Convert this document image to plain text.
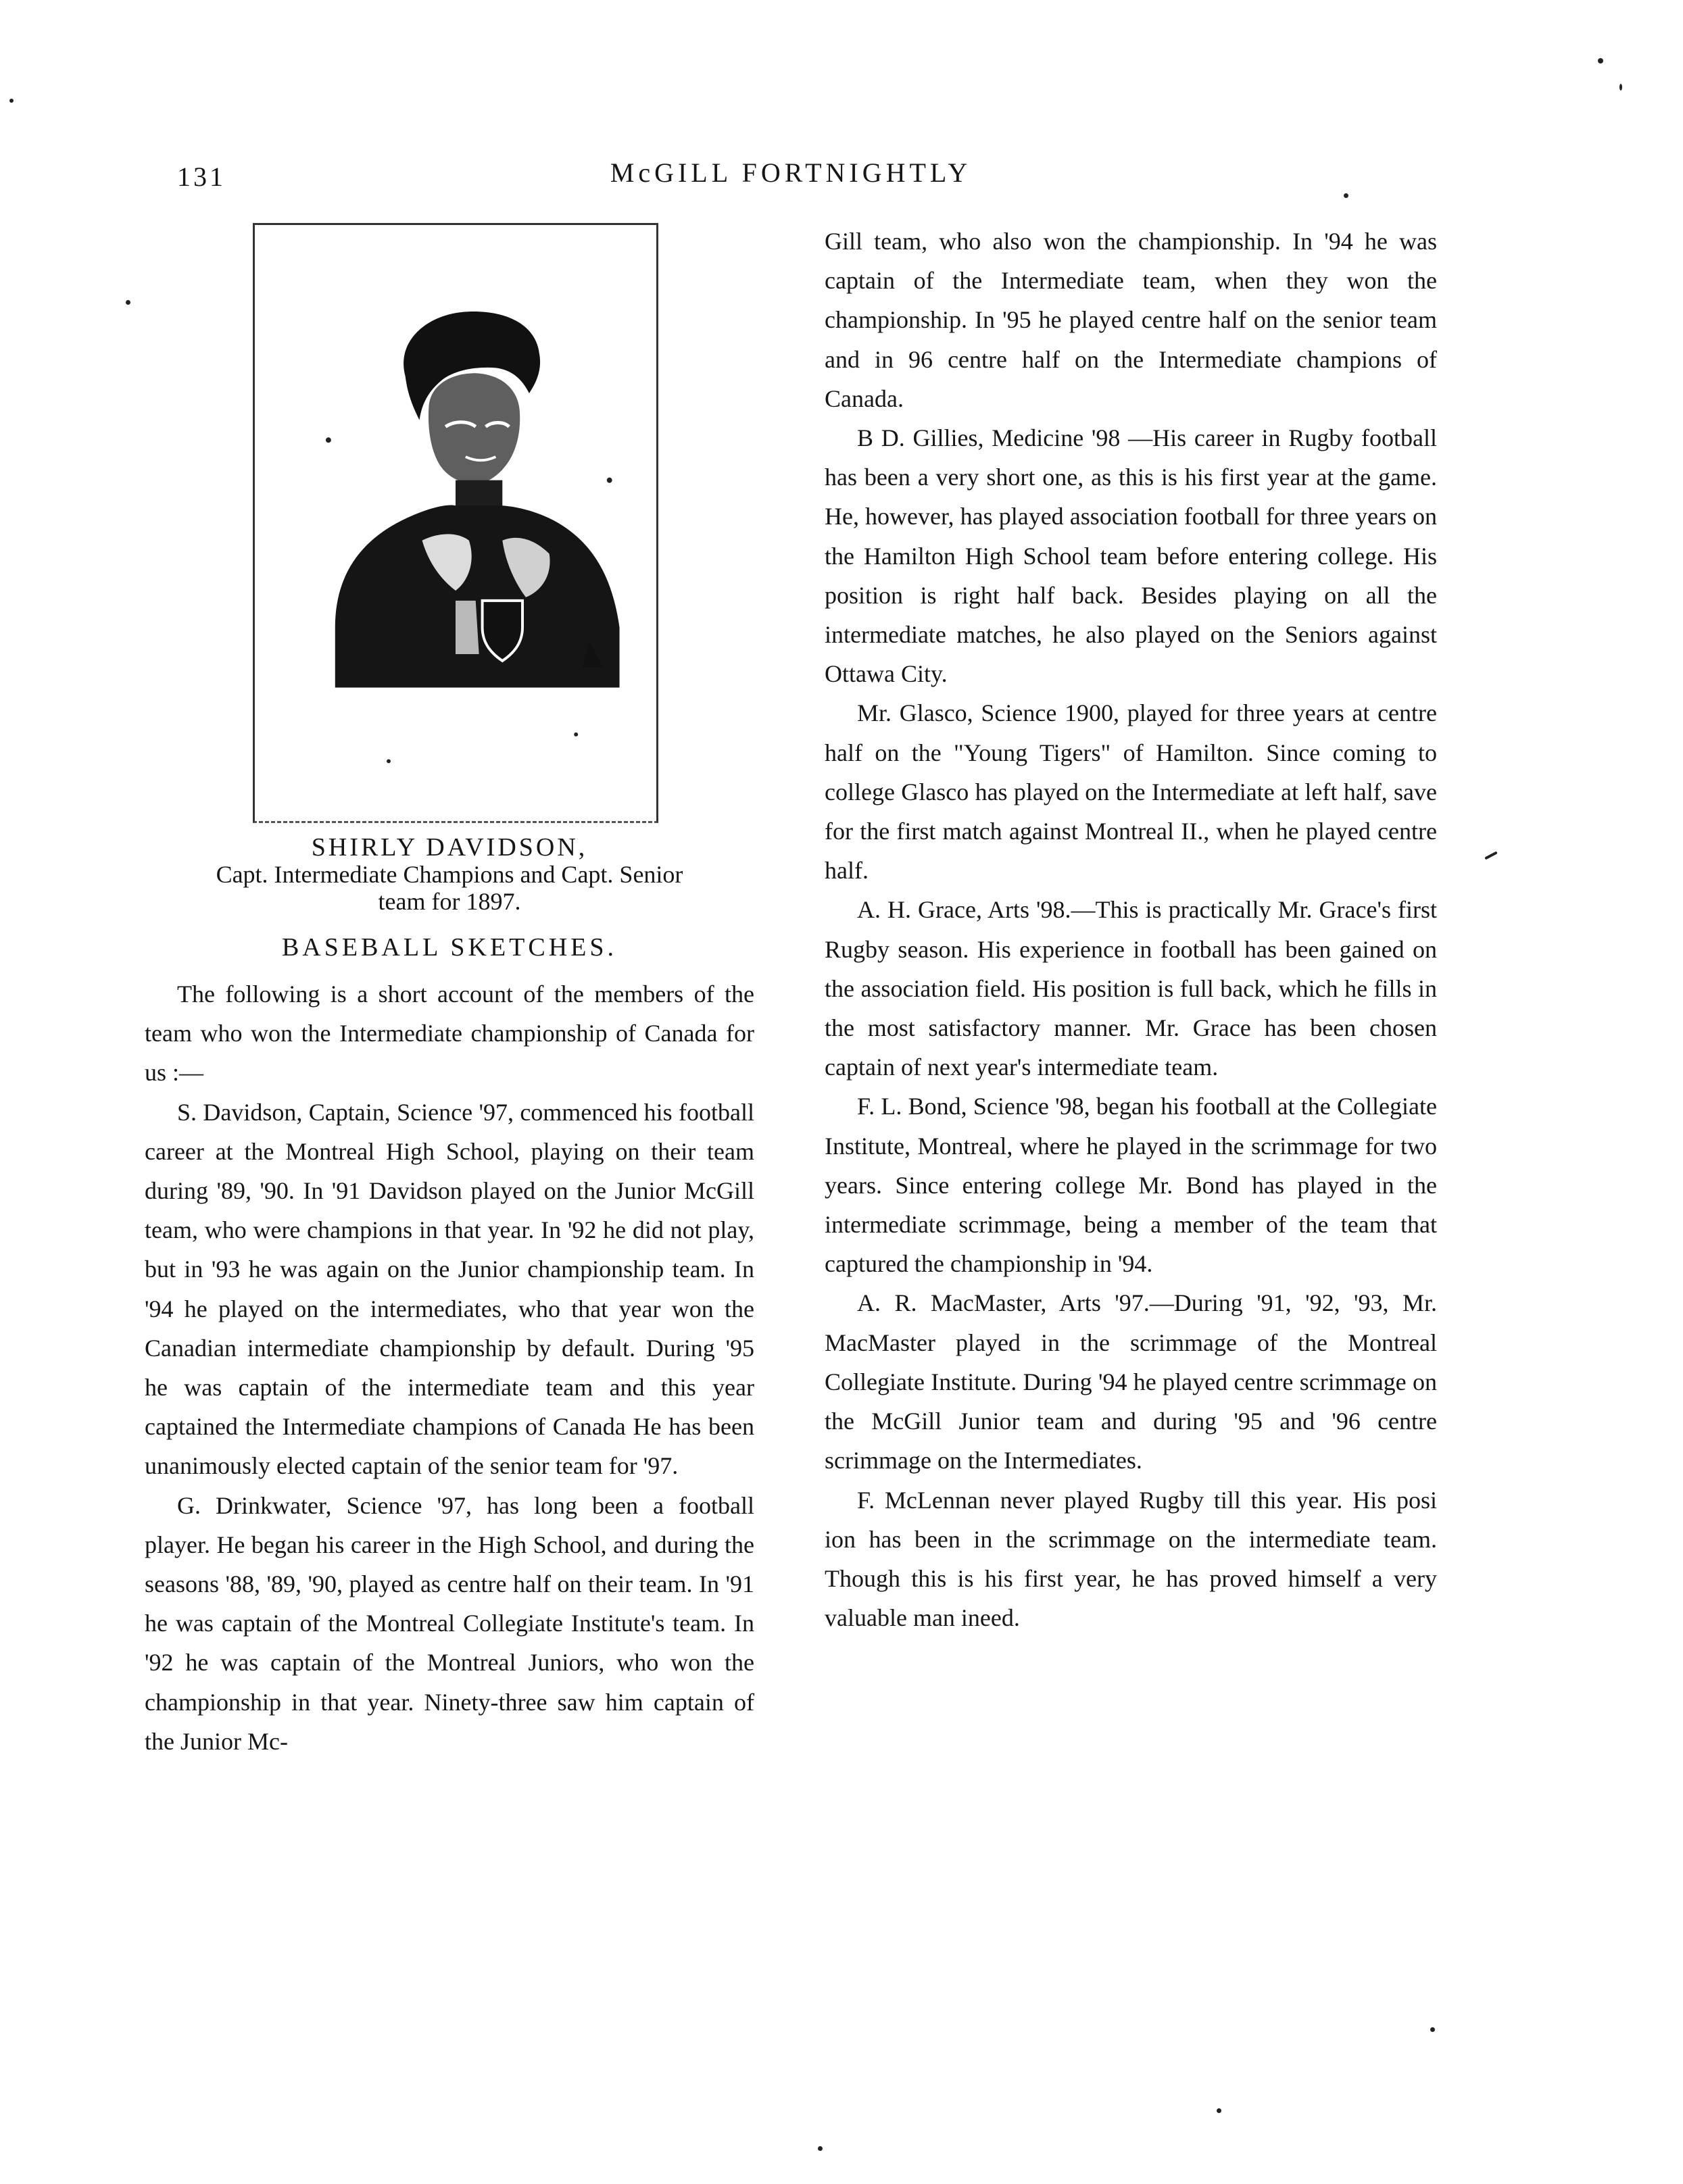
131	McGILL FORTNIGHTLY
SHIRLY DAVIDSON,
Capt. Intermediate Champions and Capt. Senior
team for 1897.
BASEBALL SKETCHES.

The following is a short account of the members of the team who won the Intermediate championship of Canada for us :—

S. Davidson, Captain, Science '97, commenced his football career at the Montreal High School, playing on their team during '89, '90. In '91 Davidson played on the Junior McGill team, who were champions in that year. In '92 he did not play, but in '93 he was again on the Junior championship team. In '94 he played on the intermediates, who that year won the Canadian intermediate championship by default. During '95 he was captain of the intermediate team and this year captained the Intermediate champions of Canada He has been unanimously elected captain of the senior team for '97.

G. Drinkwater, Science '97, has long been a football player. He began his career in the High School, and during the seasons '88, '89, '90, played as centre half on their team. In '91 he was captain of the Montreal Collegiate Institute's team. In '92 he was captain of the Montreal Juniors, who won the championship in that year. Ninety-three saw him captain of the Junior Mc-

Gill team, who also won the championship. In '94 he was captain of the Intermediate team, when they won the championship. In '95 he played centre half on the senior team and in 96 centre half on the Intermediate champions of Canada.

B D. Gillies, Medicine '98 —His career in Rugby football has been a very short one, as this is his first year at the game. He, however, has played association football for three years on the Hamilton High School team before entering college. His position is right half back. Besides playing on all the intermediate matches, he also played on the Seniors against Ottawa City.

Mr. Glasco, Science 1900, played for three years at centre half on the "Young Tigers" of Hamilton. Since coming to college Glasco has played on the Intermediate at left half, save for the first match against Montreal II., when he played centre half.

A. H. Grace, Arts '98.—This is practically Mr. Grace's first Rugby season. His experience in football has been gained on the association field. His position is full back, which he fills in the most satisfactory manner. Mr. Grace has been chosen captain of next year's intermediate team.

F. L. Bond, Science '98, began his football at the Collegiate Institute, Montreal, where he played in the scrimmage for two years. Since entering college Mr. Bond has played in the intermediate scrimmage, being a member of the team that captured the championship in '94.

A. R. MacMaster, Arts '97.—During '91, '92, '93, Mr. MacMaster played in the scrimmage of the Montreal Collegiate Institute. During '94 he played centre scrimmage on the McGill Junior team and during '95 and '96 centre scrimmage on the Intermediates.

F. McLennan never played Rugby till this year. His posi ion has been in the scrimmage on the intermediate team. Though this is his first year, he has proved himself a very valuable man ineed.
